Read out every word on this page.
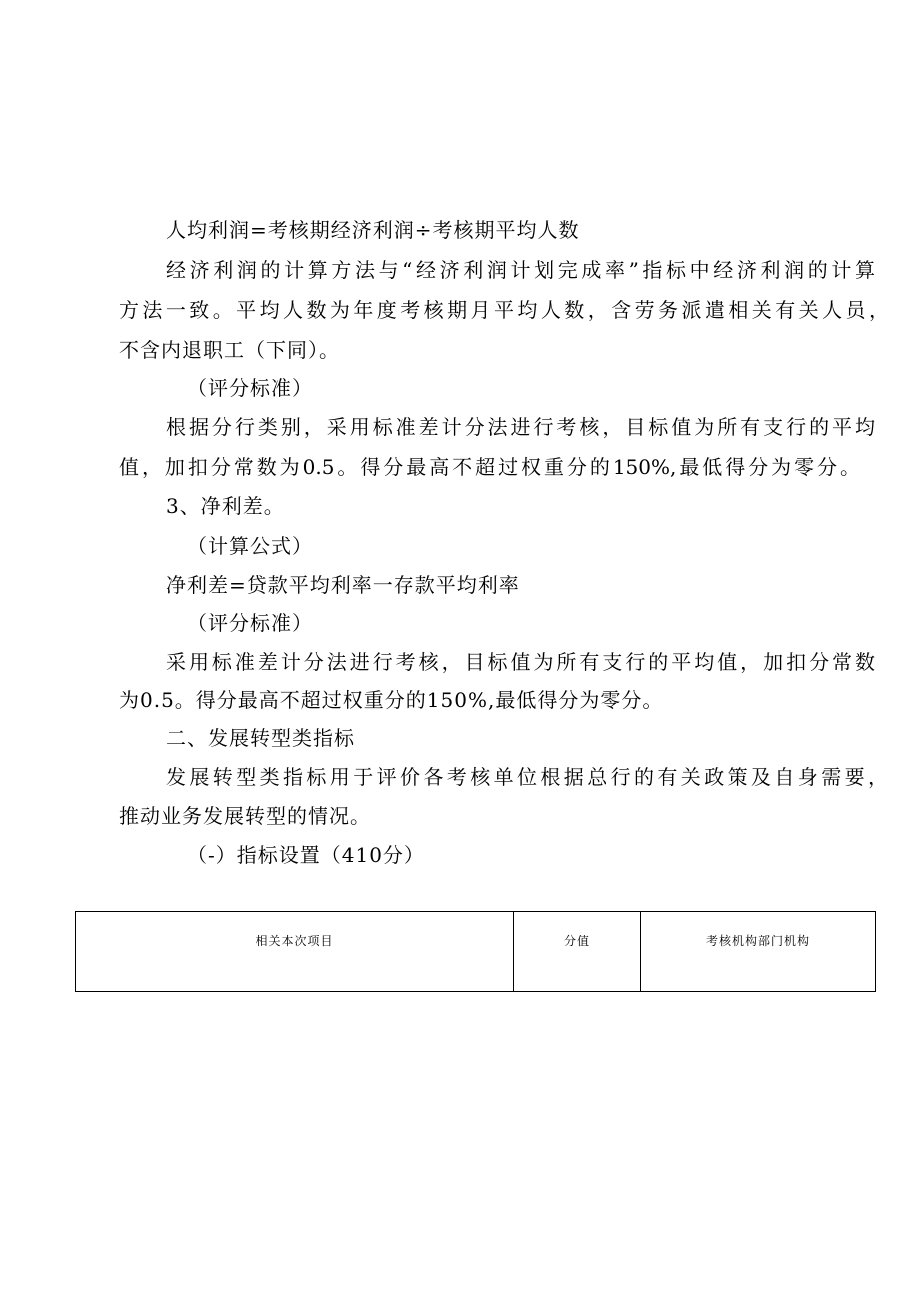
人均利润=考核期经济利润÷考核期平均人数
经济利润的计算方法与“经济利润计划完成率”指标中经济利润的计算
方法一致。平均人数为年度考核期月平均人数，含劳务派遣相关有关人员，
不含内退职工（下同）。
（评分标准）
根据分行类别，采用标准差计分法进行考核，目标值为所有支行的平均
值，加扣分常数为0.5。得分最高不超过权重分的150%,最低得分为零分。
3、净利差。
（计算公式）
净利差=贷款平均利率一存款平均利率
（评分标准）
采用标准差计分法进行考核，目标值为所有支行的平均值，加扣分常数
为0.5。得分最高不超过权重分的150%,最低得分为零分。
二、发展转型类指标
发展转型类指标用于评价各考核单位根据总行的有关政策及自身需要，
推动业务发展转型的情况。
（-）指标设置（410分）
相关本次项目	分值	考核机构部门机构
